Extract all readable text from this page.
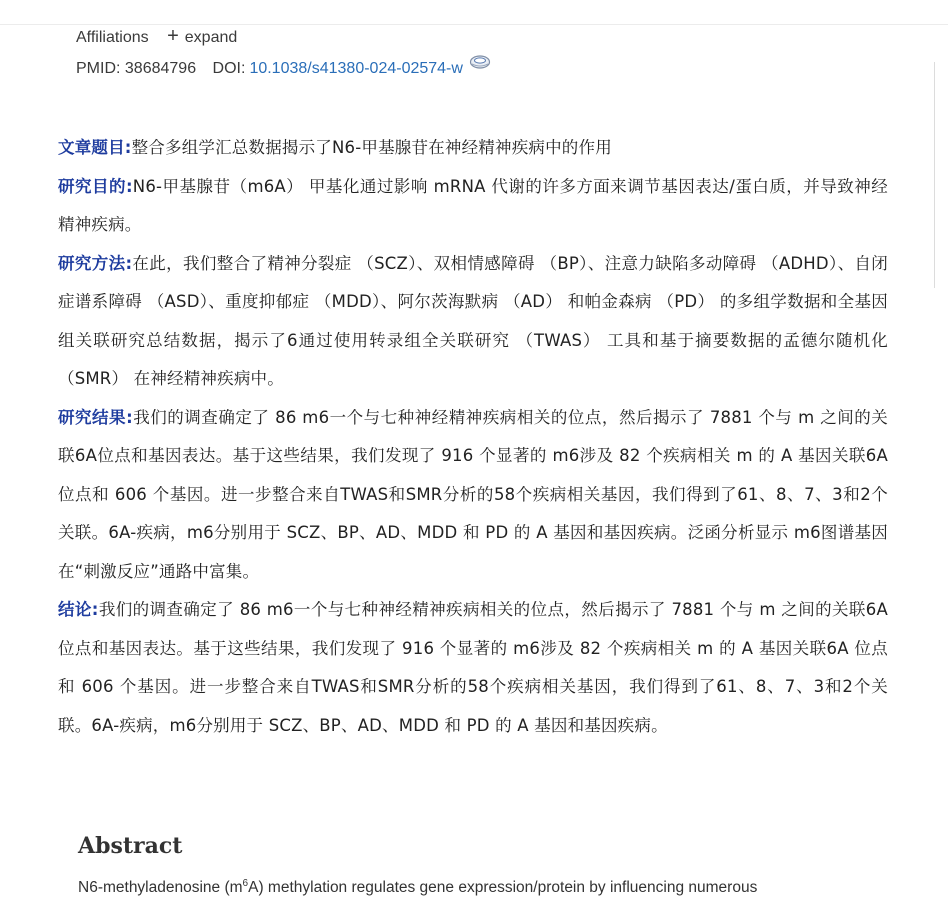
Affiliations + expand
PMID: 38684796 DOI: 10.1038/s41380-024-02574-w

文章题目:整合多组学汇总数据揭示了N6-甲基腺苷在神经精神疾病中的作用

研究目的:N6-甲基腺苷（m6A） 甲基化通过影响 mRNA 代谢的许多方面来调节基因表达/蛋白质，并导致神经精神疾病。

研究方法:在此，我们整合了精神分裂症 （SCZ）、双相情感障碍 （BP）、注意力缺陷多动障碍 （ADHD）、自闭症谱系障碍 （ASD）、重度抑郁症 （MDD）、阿尔茨海默病 （AD） 和帕金森病 （PD） 的多组学数据和全基因组关联研究总结数据，揭示了6通过使用转录组全关联研究 （TWAS） 工具和基于摘要数据的孟德尔随机化 （SMR） 在神经精神疾病中。

研究结果:我们的调查确定了 86 m6一个与七种神经精神疾病相关的位点，然后揭示了 7881 个与 m 之间的关联6A位点和基因表达。基于这些结果，我们发现了 916 个显著的 m6涉及 82 个疾病相关 m 的 A 基因关联6A 位点和 606 个基因。进一步整合来自TWAS和SMR分析的58个疾病相关基因，我们得到了61、8、7、3和2个关联。6A-疾病，m6分别用于 SCZ、BP、AD、MDD 和 PD 的 A 基因和基因疾病。泛函分析显示 m6图谱基因在“刺激反应”通路中富集。

结论:我们的调查确定了 86 m6一个与七种神经精神疾病相关的位点，然后揭示了 7881 个与 m 之间的关联6A位点和基因表达。基于这些结果，我们发现了 916 个显著的 m6涉及 82 个疾病相关 m 的 A 基因关联6A 位点和 606 个基因。进一步整合来自TWAS和SMR分析的58个疾病相关基因，我们得到了61、8、7、3和2个关联。6A-疾病，m6分别用于 SCZ、BP、AD、MDD 和 PD 的 A 基因和基因疾病。

Abstract

N6-methyladenosine $(m^6A)$ methylation regulates gene expression/protein by influencing numerous
